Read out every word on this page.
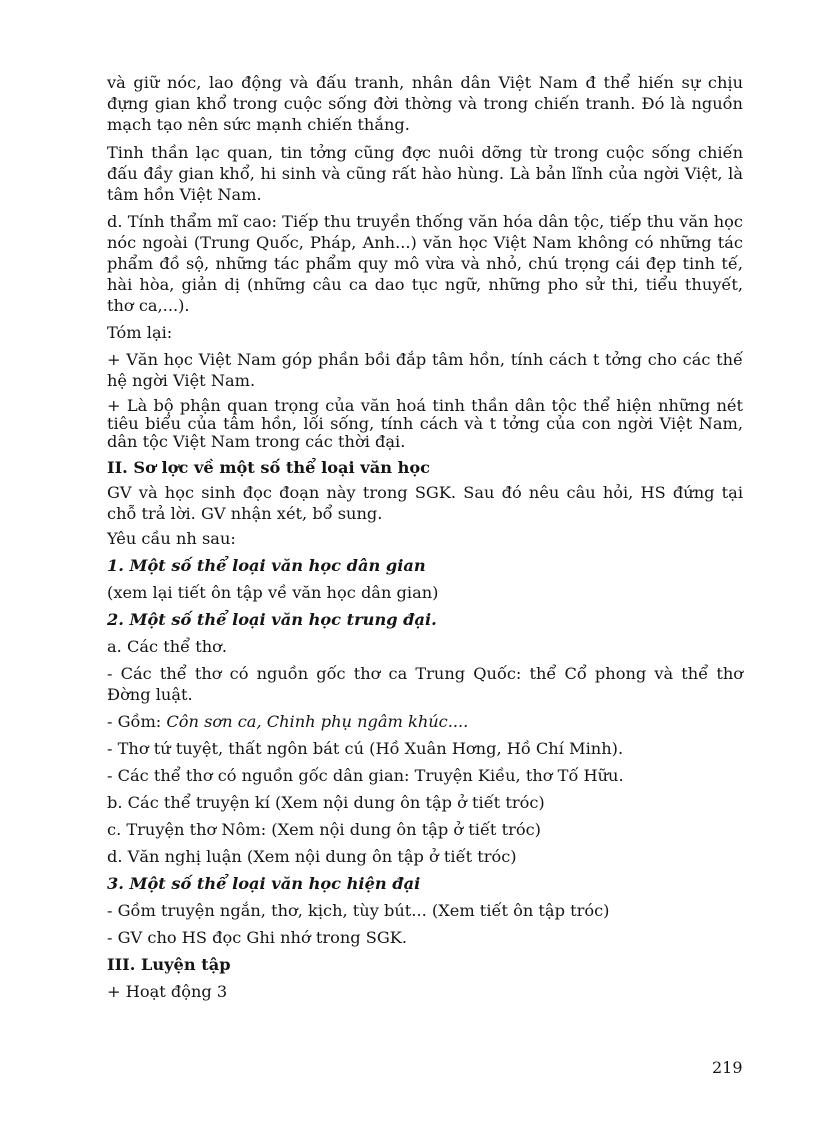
và giữ nóc, lao động và đấu tranh, nhân dân Việt Nam đ thể hiến sự chịu đựng gian khổ trong cuộc sống đời thờng và trong chiến tranh. Đó là nguồn mạch tạo nên sức mạnh chiến thắng.

Tinh thần lạc quan, tin tởng cũng đợc nuôi dỡng từ trong cuộc sống chiến đấu đầy gian khổ, hi sinh và cũng rất hào hùng. Là bản lĩnh của ngời Việt, là tâm hồn Việt Nam.

d. Tính thẩm mĩ cao: Tiếp thu truyền thống văn hóa dân tộc, tiếp thu văn học nóc ngoài (Trung Quốc, Pháp, Anh...) văn học Việt Nam không có những tác phẩm đồ sộ, những tác phẩm quy mô vừa và nhỏ, chú trọng cái đẹp tinh tế, hài hòa, giản dị (những câu ca dao tục ngữ, những pho sử thi, tiểu thuyết, thơ ca,...).

Tóm lại:

+ Văn học Việt Nam góp phần bồi đắp tâm hồn, tính cách t tởng cho các thế hệ ngời Việt Nam.

+ Là bộ phận quan trọng của văn hoá tinh thần dân tộc thể hiện những nét tiêu biểu của tâm hồn, lối sống, tính cách và t tởng của con ngời Việt Nam, dân tộc Việt Nam trong các thời đại.

II. Sơ lợc về một số thể loại văn học

GV và học sinh đọc đoạn này trong SGK. Sau đó nêu câu hỏi, HS đứng tại chỗ trả lời. GV nhận xét, bổ sung.

Yêu cầu nh sau:

1. Một số thể loại văn học dân gian

(xem lại tiết ôn tập về văn học dân gian)

2. Một số thể loại văn học trung đại.

a. Các thể thơ.

- Các thể thơ có nguồn gốc thơ ca Trung Quốc: thể Cổ phong và thể thơ Đờng luật.

- Gồm: Côn sơn ca, Chinh phụ ngâm khúc....

- Thơ tứ tuyệt, thất ngôn bát cú (Hồ Xuân Hơng, Hồ Chí Minh).

- Các thể thơ có nguồn gốc dân gian: Truyện Kiều, thơ Tố Hữu.

b. Các thể truyện kí (Xem nội dung ôn tập ở tiết tróc)

c. Truyện thơ Nôm: (Xem nội dung ôn tập ở tiết tróc)

d. Văn nghị luận (Xem nội dung ôn tập ở tiết tróc)

3. Một số thể loại văn học hiện đại

- Gồm truyện ngắn, thơ, kịch, tùy bút... (Xem tiết ôn tập tróc)

- GV cho HS đọc Ghi nhớ trong SGK.

III. Luyện tập

+ Hoạt động 3

219
